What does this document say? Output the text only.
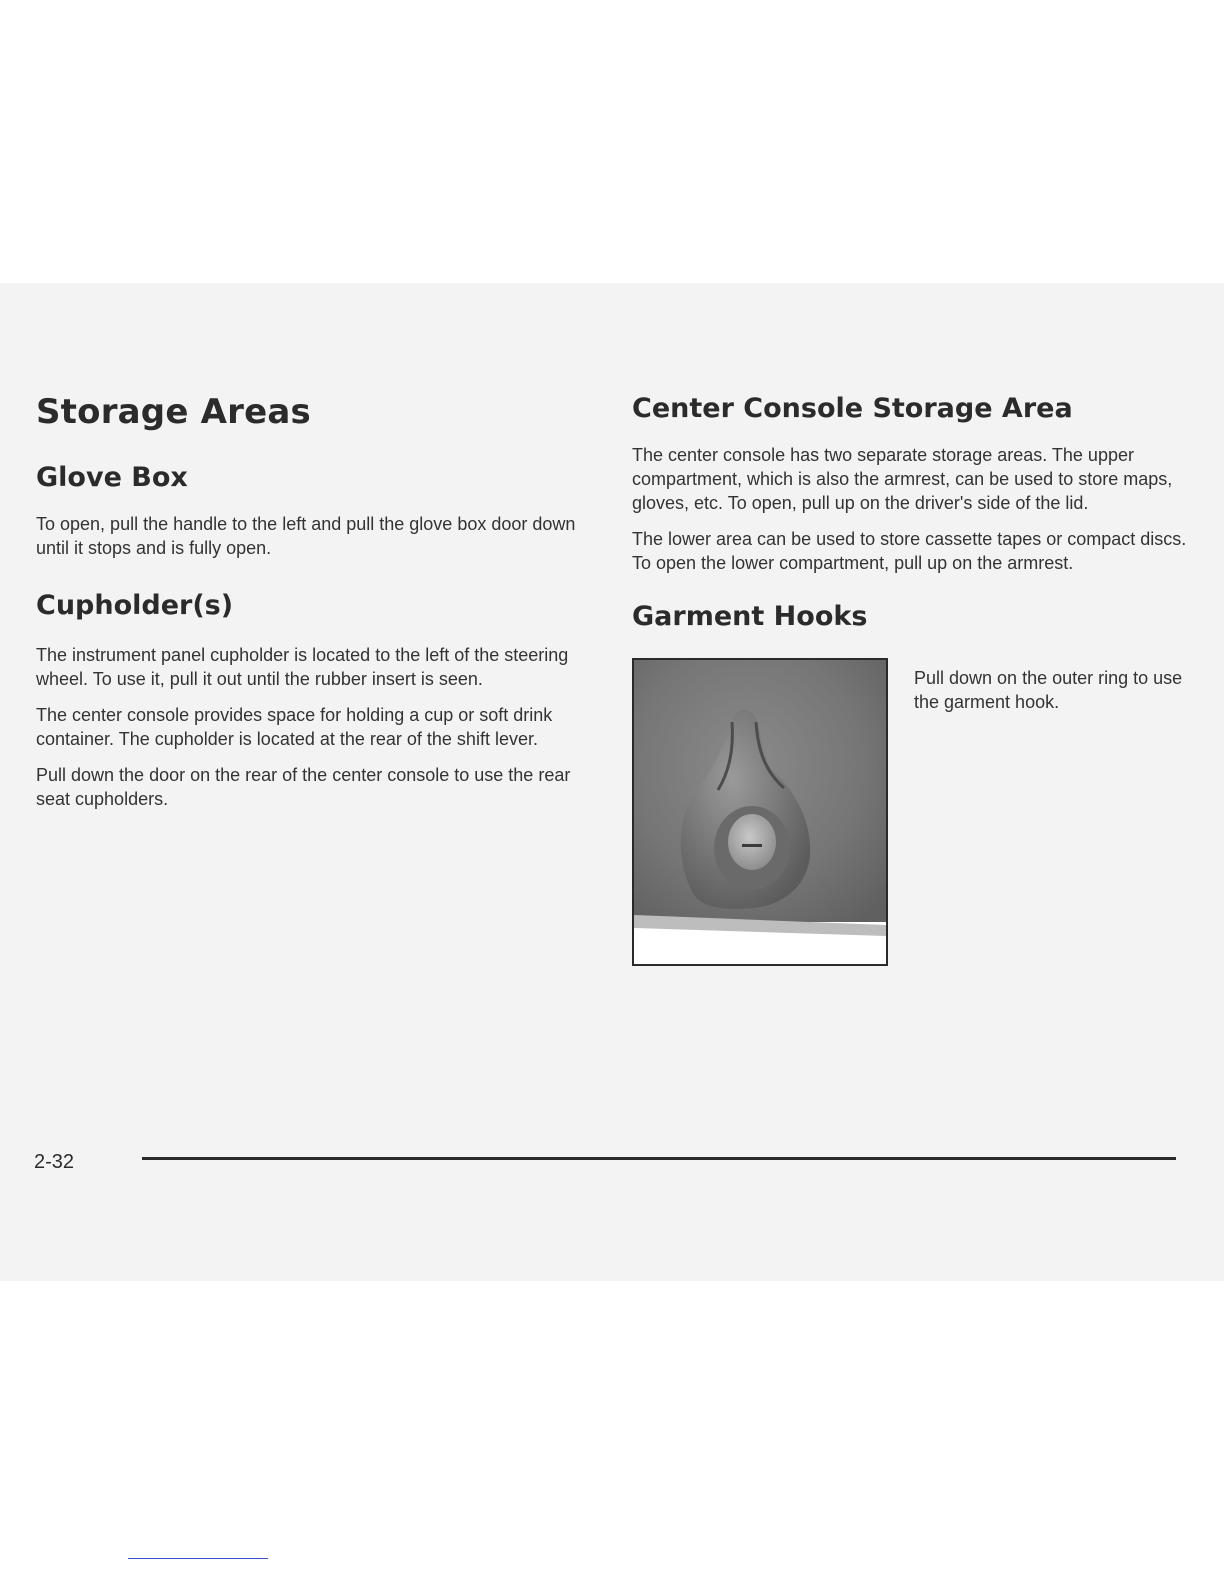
Storage Areas
Glove Box

To open, pull the handle to the left and pull the glove box door down until it stops and is fully open.

Cupholder(s)

The instrument panel cupholder is located to the left of the steering wheel. To use it, pull it out until the rubber insert is seen.

The center console provides space for holding a cup or soft drink container. The cupholder is located at the rear of the shift lever.

Pull down the door on the rear of the center console to use the rear seat cupholders.

Center Console Storage Area

The center console has two separate storage areas. The upper compartment, which is also the armrest, can be used to store maps, gloves, etc. To open, pull up on the driver's side of the lid.

The lower area can be used to store cassette tapes or compact discs. To open the lower compartment, pull up on the armrest.

Garment Hooks

Pull down on the outer ring to use the garment hook.

2-32
